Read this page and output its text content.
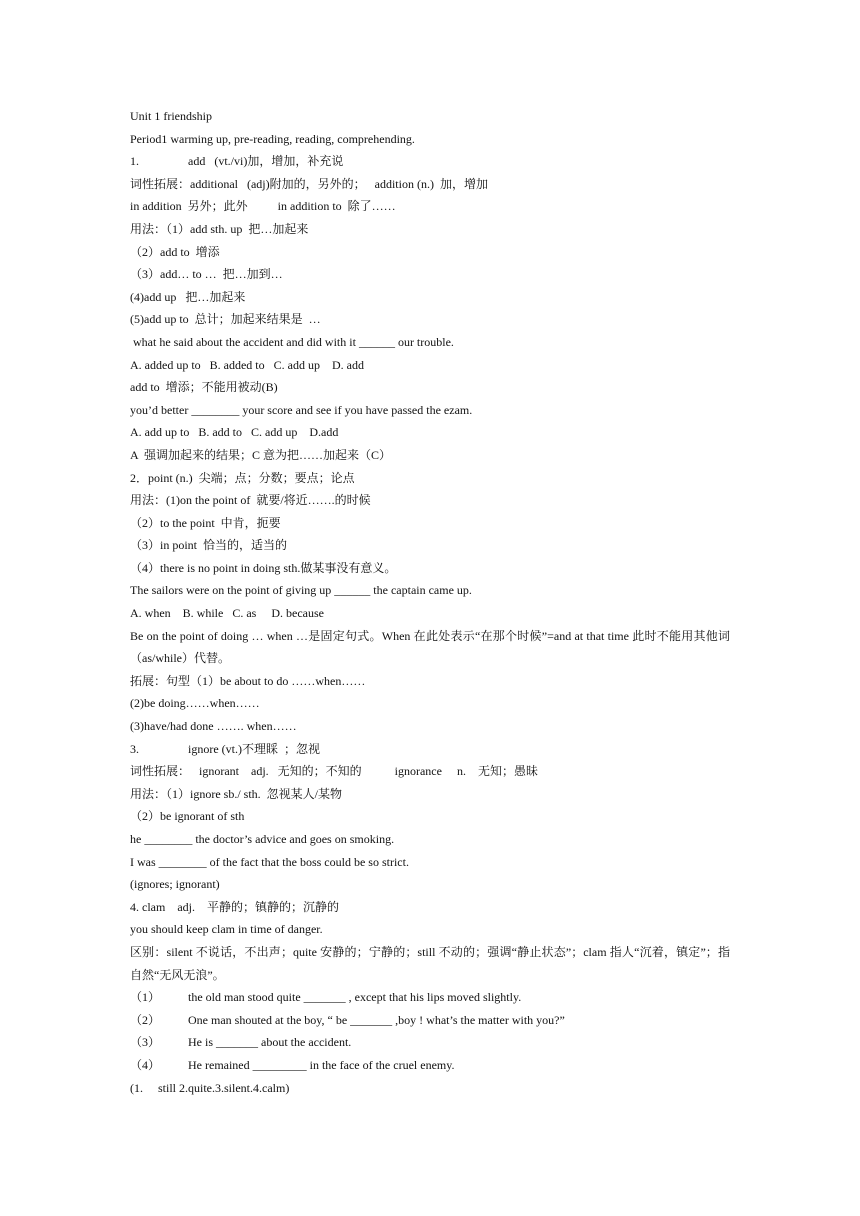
Unit 1 friendship
Period1 warming up, pre-reading, reading, comprehending.
1.	add   (vt./vi)加，增加，补充说
词性拓展：additional   (adj)附加的，另外的；   addition (n.)  加，增加
in addition  另外；此外          in addition to  除了……
用法：（1）add sth. up  把…加起来
（2）add to  增添
（3）add… to …  把…加到…
(4)add up   把…加起来
(5)add up to  总计；加起来结果是  …
what he said about the accident and did with it ______ our trouble.
A. added up to   B. added to   C. add up    D. add
add to  增添；不能用被动(B)
you’d better ________ your score and see if you have passed the ezam.
A. add up to   B. add to   C. add up    D.add
A  强调加起来的结果；C 意为把……加起来（C）
2．point (n.)  尖端；点；分数；要点；论点
用法：(1)on the point of  就要/将近…….的时候
（2）to the point  中肯，扼要
（3）in point  恰当的，适当的
（4）there is no point in doing sth.做某事没有意义。
The sailors were on the point of giving up ______ the captain came up.
A. when    B. while   C. as     D. because
Be on the point of doing … when …是固定句式。When 在此处表示“在那个时候”=and at that time 此时不能用其他词（as/while）代替。
拓展：句型（1）be about to do ……when……
(2)be doing……when……
(3)have/had done ……. when……
3.	ignore (vt.)不理睬  ；忽视
词性拓展：   ignorant    adj.   无知的；不知的           ignorance     n.    无知；愚昧
用法：（1）ignore sb./ sth.  忽视某人/某物
（2）be ignorant of sth
he ________ the doctor’s advice and goes on smoking.
I was ________ of the fact that the boss could be so strict.
(ignores; ignorant)
4. clam    adj.    平静的；镇静的；沉静的
you should keep clam in time of danger.
区别：silent 不说话，不出声；quite 安静的；宁静的；still 不动的；强调“静止状态”；clam 指人“沉着，镇定”；指自然“无风无浪”。
（1） the old man stood quite _______ , except that his lips moved slightly.
（2） One man shouted at the boy, “ be _______ ,boy ! what’s the matter with you?”
（3） He is _______ about the accident.
（4） He remained _________ in the face of the cruel enemy.
(1.     still 2.quite.3.silent.4.calm)
